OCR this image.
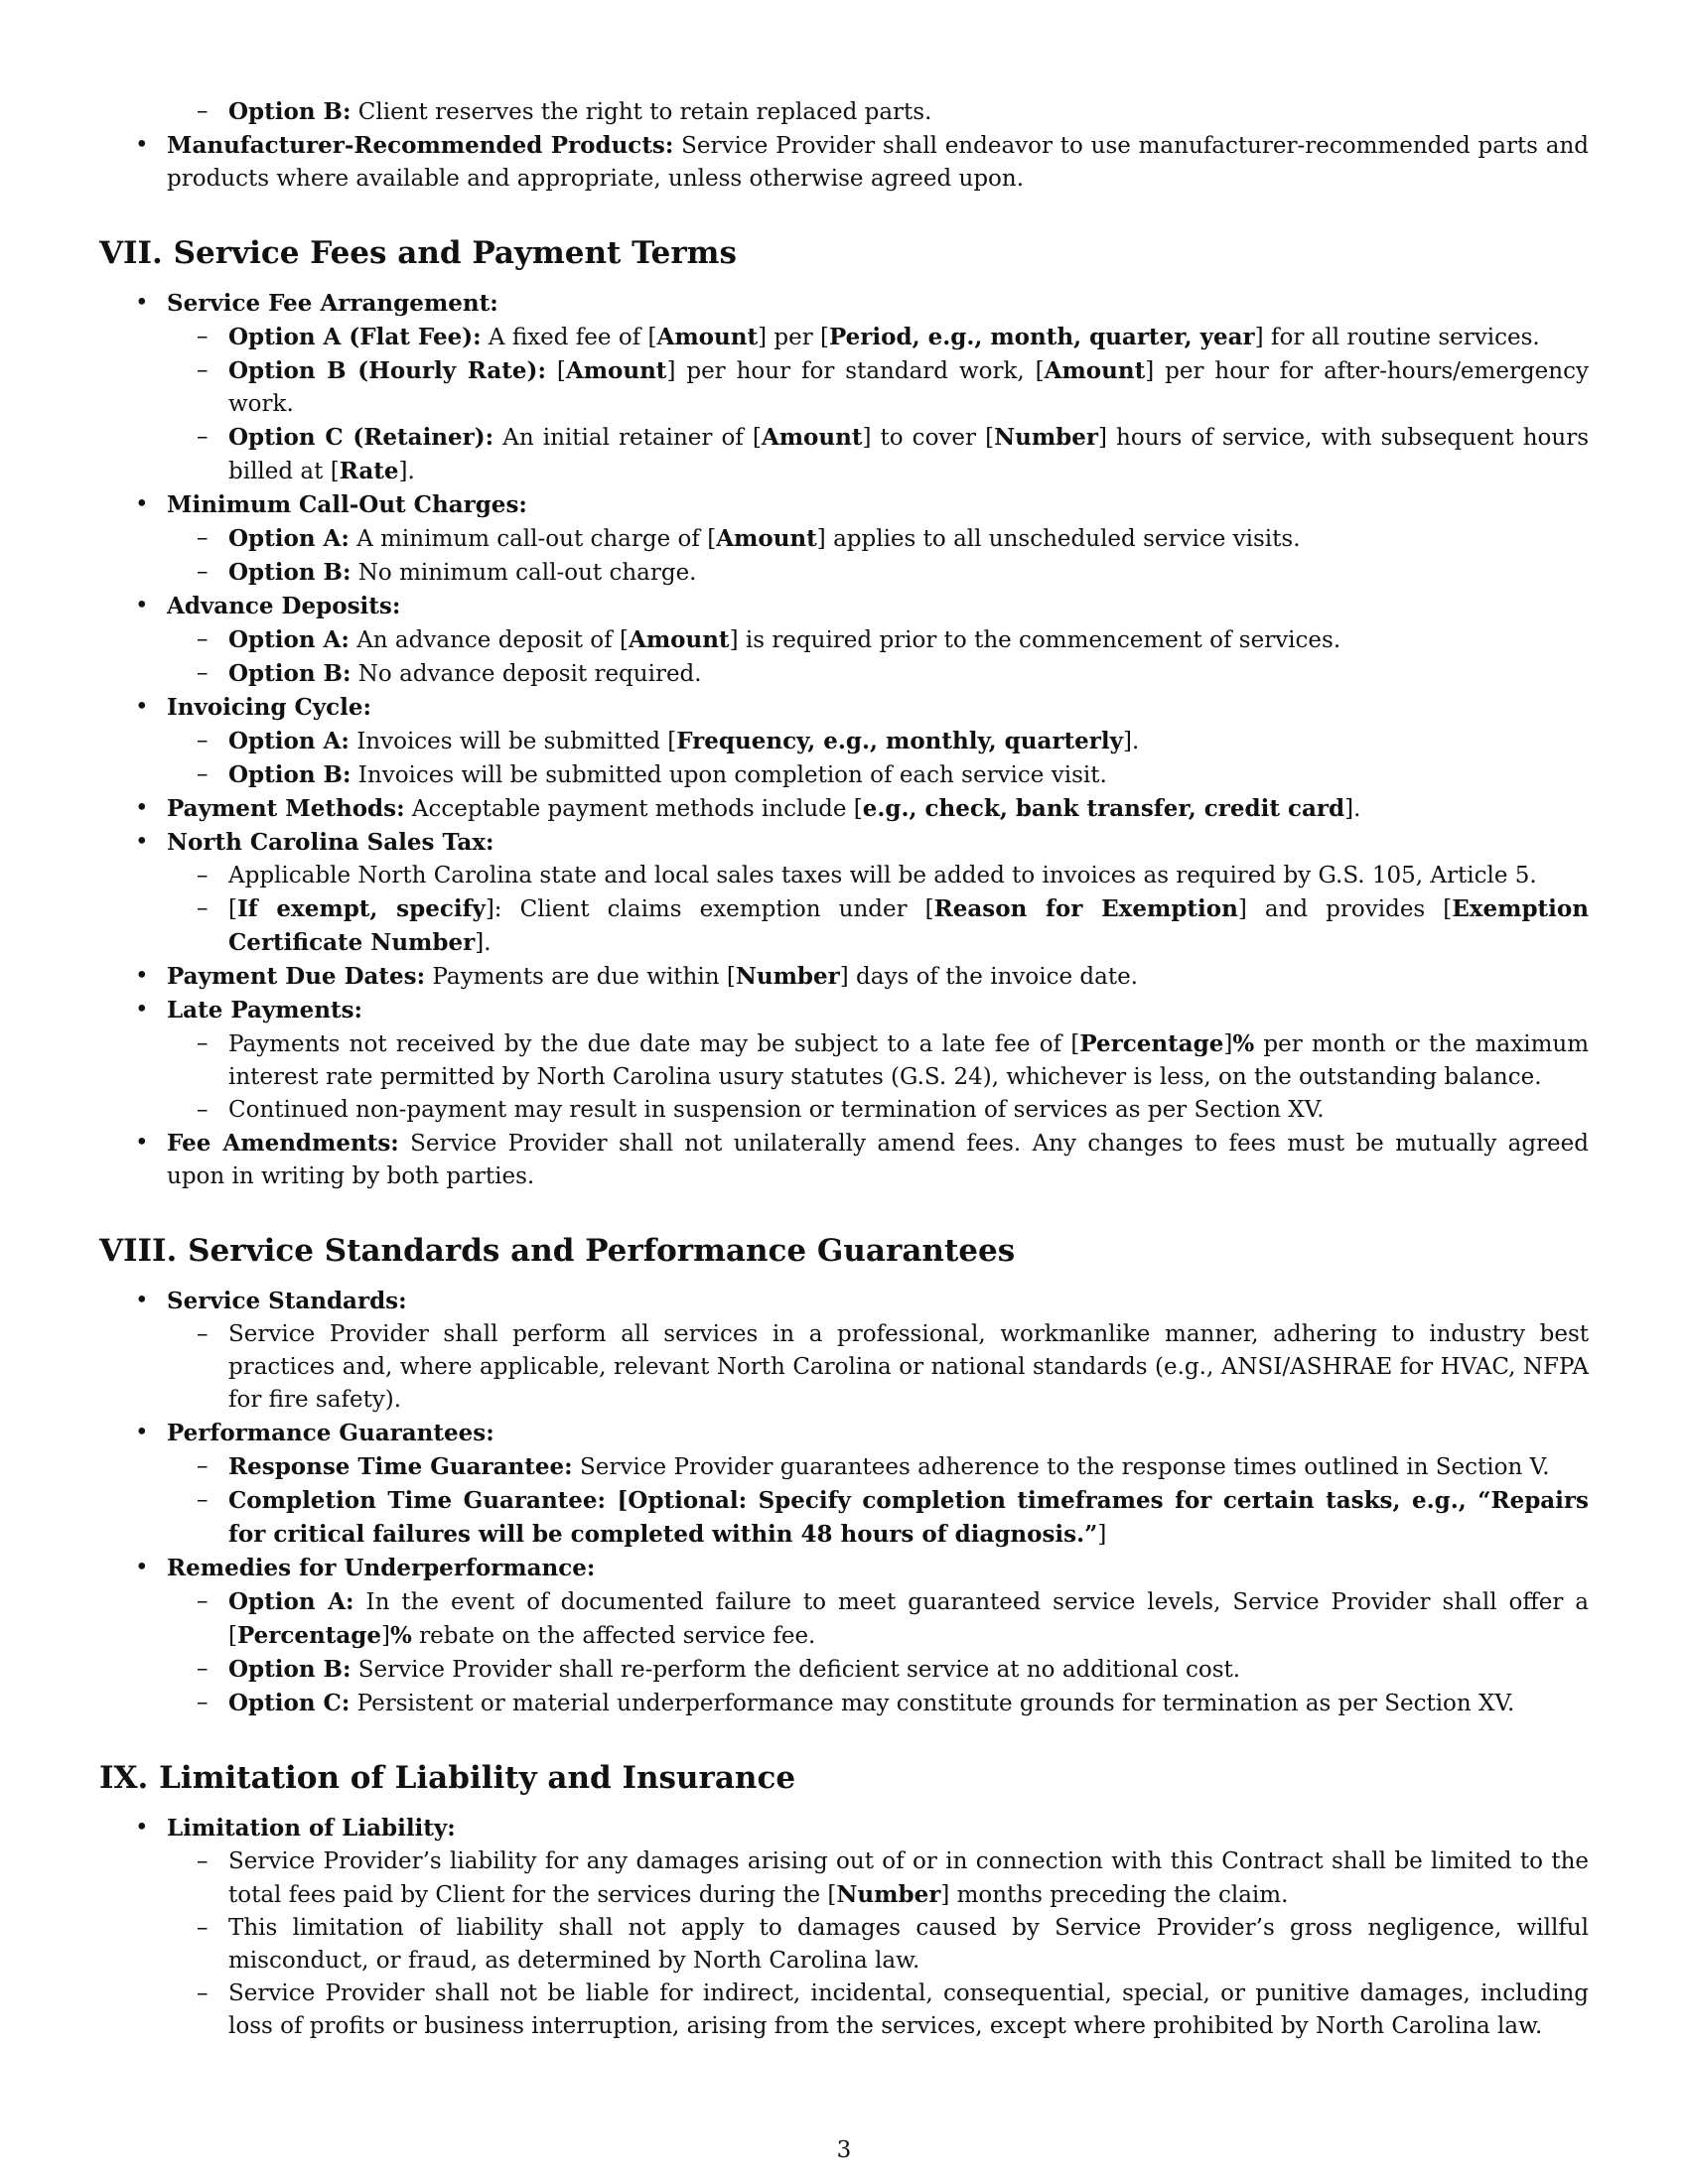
– Option B: Client reserves the right to retain replaced parts.
• Manufacturer-Recommended Products: Service Provider shall endeavor to use manufacturer-recommended parts and products where available and appropriate, unless otherwise agreed upon.
VII. Service Fees and Payment Terms
• Service Fee Arrangement:
– Option A (Flat Fee): A fixed fee of [Amount] per [Period, e.g., month, quarter, year] for all routine services.
– Option B (Hourly Rate): [Amount] per hour for standard work, [Amount] per hour for after-hours/emergency work.
– Option C (Retainer): An initial retainer of [Amount] to cover [Number] hours of service, with subsequent hours billed at [Rate].
• Minimum Call-Out Charges:
– Option A: A minimum call-out charge of [Amount] applies to all unscheduled service visits.
– Option B: No minimum call-out charge.
• Advance Deposits:
– Option A: An advance deposit of [Amount] is required prior to the commencement of services.
– Option B: No advance deposit required.
• Invoicing Cycle:
– Option A: Invoices will be submitted [Frequency, e.g., monthly, quarterly].
– Option B: Invoices will be submitted upon completion of each service visit.
• Payment Methods: Acceptable payment methods include [e.g., check, bank transfer, credit card].
• North Carolina Sales Tax:
– Applicable North Carolina state and local sales taxes will be added to invoices as required by G.S. 105, Article 5.
– [If exempt, specify]: Client claims exemption under [Reason for Exemption] and provides [Exemption Certificate Number].
• Payment Due Dates: Payments are due within [Number] days of the invoice date.
• Late Payments:
– Payments not received by the due date may be subject to a late fee of [Percentage]% per month or the maximum interest rate permitted by North Carolina usury statutes (G.S. 24), whichever is less, on the outstanding balance.
– Continued non-payment may result in suspension or termination of services as per Section XV.
• Fee Amendments: Service Provider shall not unilaterally amend fees. Any changes to fees must be mutually agreed upon in writing by both parties.
VIII. Service Standards and Performance Guarantees
• Service Standards:
– Service Provider shall perform all services in a professional, workmanlike manner, adhering to industry best practices and, where applicable, relevant North Carolina or national standards (e.g., ANSI/ASHRAE for HVAC, NFPA for fire safety).
• Performance Guarantees:
– Response Time Guarantee: Service Provider guarantees adherence to the response times outlined in Section V.
– Completion Time Guarantee: [Optional: Specify completion timeframes for certain tasks, e.g., “Repairs for critical failures will be completed within 48 hours of diagnosis.”]
• Remedies for Underperformance:
– Option A: In the event of documented failure to meet guaranteed service levels, Service Provider shall offer a [Percentage]% rebate on the affected service fee.
– Option B: Service Provider shall re-perform the deficient service at no additional cost.
– Option C: Persistent or material underperformance may constitute grounds for termination as per Section XV.
IX. Limitation of Liability and Insurance
• Limitation of Liability:
– Service Provider’s liability for any damages arising out of or in connection with this Contract shall be limited to the total fees paid by Client for the services during the [Number] months preceding the claim.
– This limitation of liability shall not apply to damages caused by Service Provider’s gross negligence, willful misconduct, or fraud, as determined by North Carolina law.
– Service Provider shall not be liable for indirect, incidental, consequential, special, or punitive damages, including loss of profits or business interruption, arising from the services, except where prohibited by North Carolina law.
3
